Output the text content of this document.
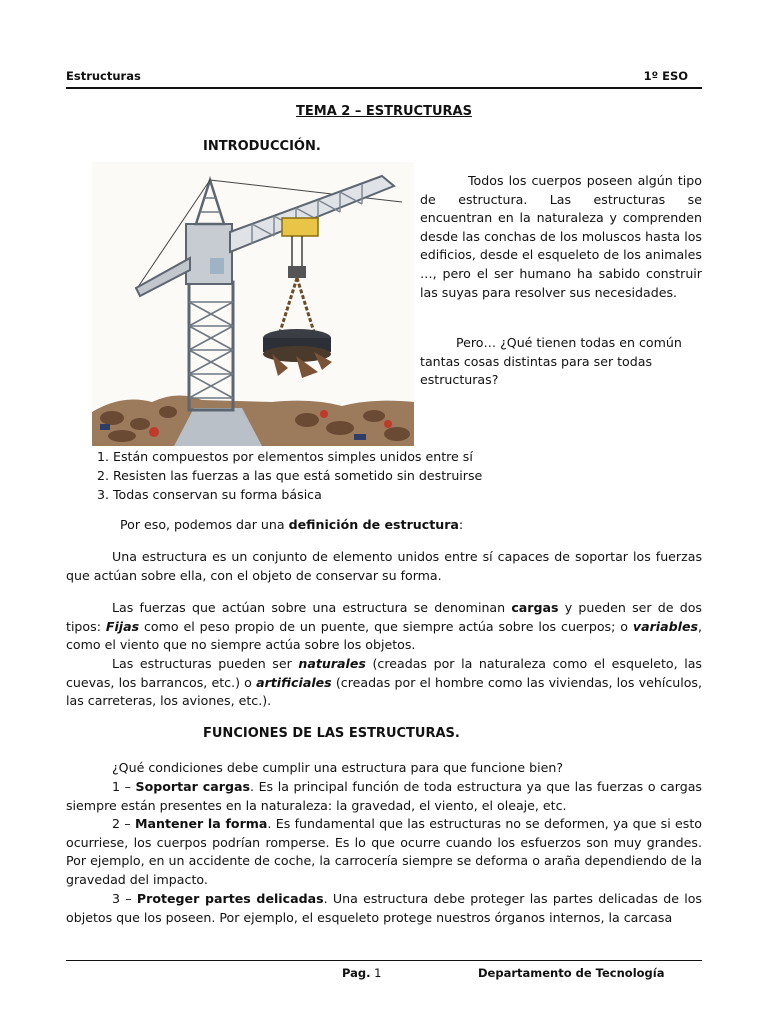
Estructuras	1º ESO
TEMA 2 – ESTRUCTURAS
INTRODUCCIÓN.
Todos los cuerpos poseen algún tipo de estructura. Las estructuras se encuentran en la naturaleza y comprenden desde las conchas de los moluscos hasta los edificios, desde el esqueleto de los animales …, pero el ser humano ha sabido construir las suyas para resolver sus necesidades.
Pero… ¿Qué tienen todas en común tantas cosas distintas para ser todas estructuras?
1. Están compuestos por elementos simples unidos entre sí
2. Resisten las fuerzas a las que está sometido sin destruirse
3. Todas conservan su forma básica
Por eso, podemos dar una definición de estructura:
Una estructura es un conjunto de elemento unidos entre sí capaces de soportar los fuerzas que actúan sobre ella, con el objeto de conservar su forma.
Las fuerzas que actúan sobre una estructura se denominan cargas y pueden ser de dos tipos: Fijas como el peso propio de un puente, que siempre actúa sobre los cuerpos; o variables, como el viento que no siempre actúa sobre los objetos.
Las estructuras pueden ser naturales (creadas por la naturaleza como el esqueleto, las cuevas, los barrancos, etc.) o artificiales (creadas por el hombre como las viviendas, los vehículos, las carreteras, los aviones, etc.).
FUNCIONES DE LAS ESTRUCTURAS.
¿Qué condiciones debe cumplir una estructura para que funcione bien?
1 – Soportar cargas. Es la principal función de toda estructura ya que las fuerzas o cargas siempre están presentes en la naturaleza: la gravedad, el viento, el oleaje, etc.
2 – Mantener la forma. Es fundamental que las estructuras no se deformen, ya que si esto ocurriese, los cuerpos podrían romperse. Es lo que ocurre cuando los esfuerzos son muy grandes. Por ejemplo, en un accidente de coche, la carrocería siempre se deforma o araña dependiendo de la gravedad del impacto.
3 – Proteger partes delicadas. Una estructura debe proteger las partes delicadas de los objetos que los poseen. Por ejemplo, el esqueleto protege nuestros órganos internos, la carcasa
Pag. 1	Departamento de Tecnología
